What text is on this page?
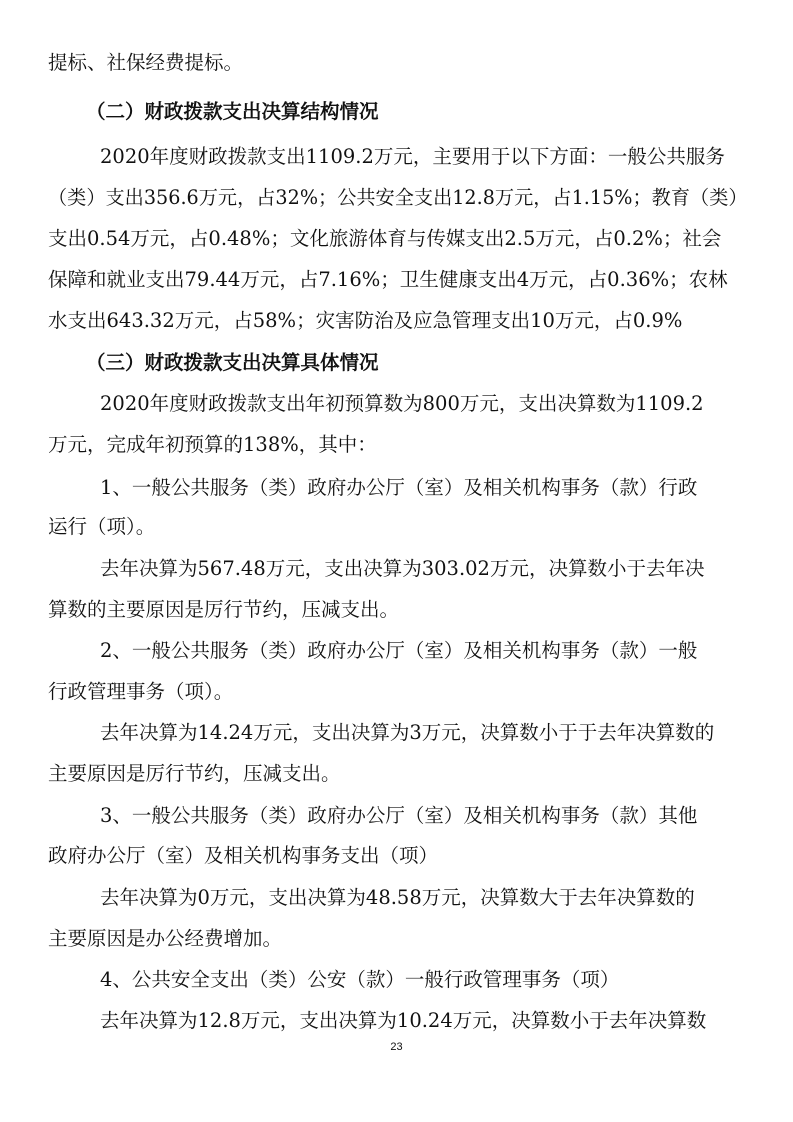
提标、社保经费提标。
（二）财政拨款支出决算结构情况
2020年度财政拨款支出1109.2万元，主要用于以下方面：一般公共服务
（类）支出356.6万元，占32%；公共安全支出12.8万元，占1.15%；教育（类）
支出0.54万元，占0.48%；文化旅游体育与传媒支出2.5万元，占0.2%；社会
保障和就业支出79.44万元，占7.16%；卫生健康支出4万元，占0.36%；农林
水支出643.32万元，占58%；灾害防治及应急管理支出10万元，占0.9%
（三）财政拨款支出决算具体情况
2020年度财政拨款支出年初预算数为800万元，支出决算数为1109.2
万元，完成年初预算的138%，其中：
1、一般公共服务（类）政府办公厅（室）及相关机构事务（款）行政
运行（项）。
去年决算为567.48万元，支出决算为303.02万元，决算数小于去年决
算数的主要原因是厉行节约，压减支出。
2、一般公共服务（类）政府办公厅（室）及相关机构事务（款）一般
行政管理事务（项）。
去年决算为14.24万元，支出决算为3万元，决算数小于于去年决算数的
主要原因是厉行节约，压减支出。
3、一般公共服务（类）政府办公厅（室）及相关机构事务（款）其他
政府办公厅（室）及相关机构事务支出（项）
去年决算为0万元，支出决算为48.58万元，决算数大于去年决算数的
主要原因是办公经费增加。
4、公共安全支出（类）公安（款）一般行政管理事务（项）
去年决算为12.8万元，支出决算为10.24万元，决算数小于去年决算数
23
